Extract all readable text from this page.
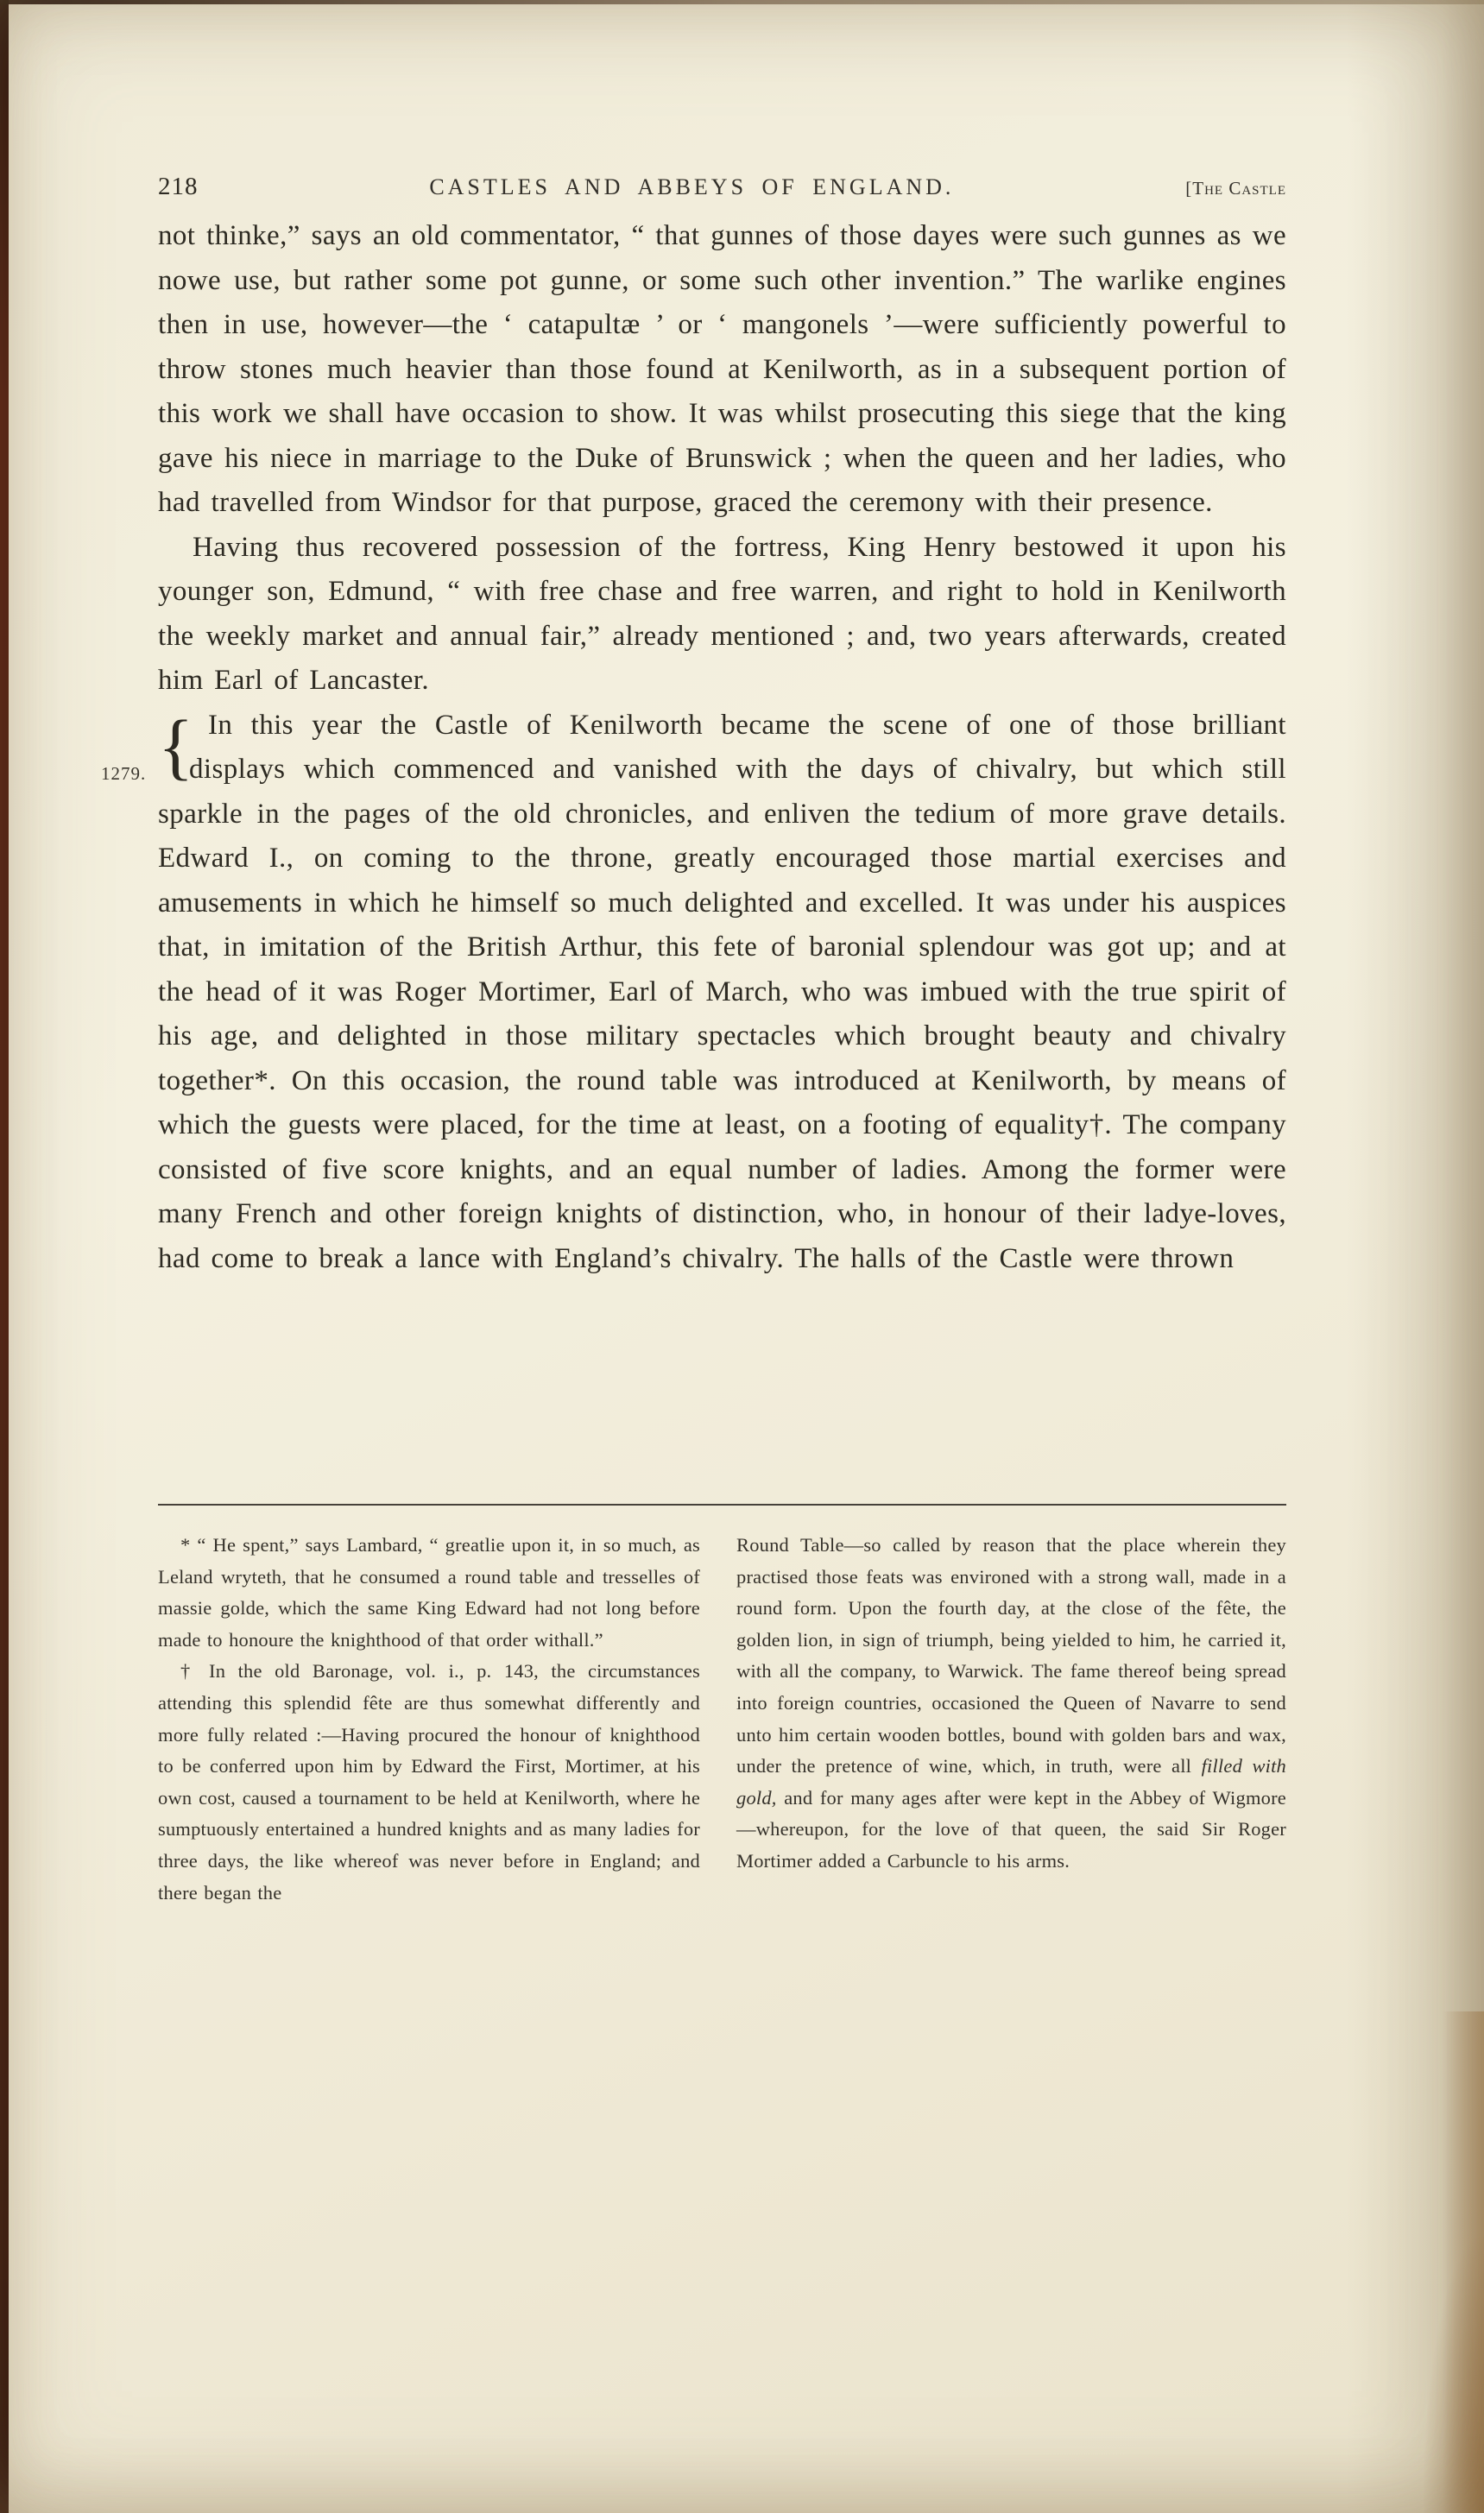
218	CASTLES AND ABBEYS OF ENGLAND.	[The Castle

not thinke,” says an old commentator, “ that gunnes of those dayes were such gunnes as we nowe use, but rather some pot gunne, or some such other invention.” The warlike engines then in use, however—the ‘ catapultæ ’ or ‘ mangonels ’—were sufficiently powerful to throw stones much heavier than those found at Kenilworth, as in a subsequent portion of this work we shall have occasion to show. It was whilst prosecuting this siege that the king gave his niece in marriage to the Duke of Brunswick ; when the queen and her ladies, who had travelled from Windsor for that purpose, graced the ceremony with their presence.

Having thus recovered possession of the fortress, King Henry bestowed it upon his younger son, Edmund, “ with free chase and free warren, and right to hold in Kenilworth the weekly market and annual fair,” already mentioned ; and, two years afterwards, created him Earl of Lancaster.

1279. { In this year the Castle of Kenilworth became the scene of one of those brilliant displays which commenced and vanished with the days of chivalry, but which still sparkle in the pages of the old chronicles, and enliven the tedium of more grave details. Edward I., on coming to the throne, greatly encouraged those martial exercises and amusements in which he himself so much delighted and excelled. It was under his auspices that, in imitation of the British Arthur, this fete of baronial splendour was got up; and at the head of it was Roger Mortimer, Earl of March, who was imbued with the true spirit of his age, and delighted in those military spectacles which brought beauty and chivalry together*. On this occasion, the round table was introduced at Kenilworth, by means of which the guests were placed, for the time at least, on a footing of equality†. The company consisted of five score knights, and an equal number of ladies. Among the former were many French and other foreign knights of distinction, who, in honour of their ladye-loves, had come to break a lance with England’s chivalry. The halls of the Castle were thrown

* “ He spent,” says Lambard, “ greatlie upon it, in so much, as Leland wryteth, that he consumed a round table and tresselles of massie golde, which the same King Edward had not long before made to honoure the knighthood of that order withall.”

† In the old Baronage, vol. i., p. 143, the circumstances attending this splendid fête are thus somewhat differently and more fully related :—Having procured the honour of knighthood to be conferred upon him by Edward the First, Mortimer, at his own cost, caused a tournament to be held at Kenilworth, where he sumptuously entertained a hundred knights and as many ladies for three days, the like whereof was never before in England; and there began the

Round Table—so called by reason that the place wherein they practised those feats was environed with a strong wall, made in a round form. Upon the fourth day, at the close of the fête, the golden lion, in sign of triumph, being yielded to him, he carried it, with all the company, to Warwick. The fame thereof being spread into foreign countries, occasioned the Queen of Navarre to send unto him certain wooden bottles, bound with golden bars and wax, under the pretence of wine, which, in truth, were all filled with gold, and for many ages after were kept in the Abbey of Wigmore—whereupon, for the love of that queen, the said Sir Roger Mortimer added a Carbuncle to his arms.
